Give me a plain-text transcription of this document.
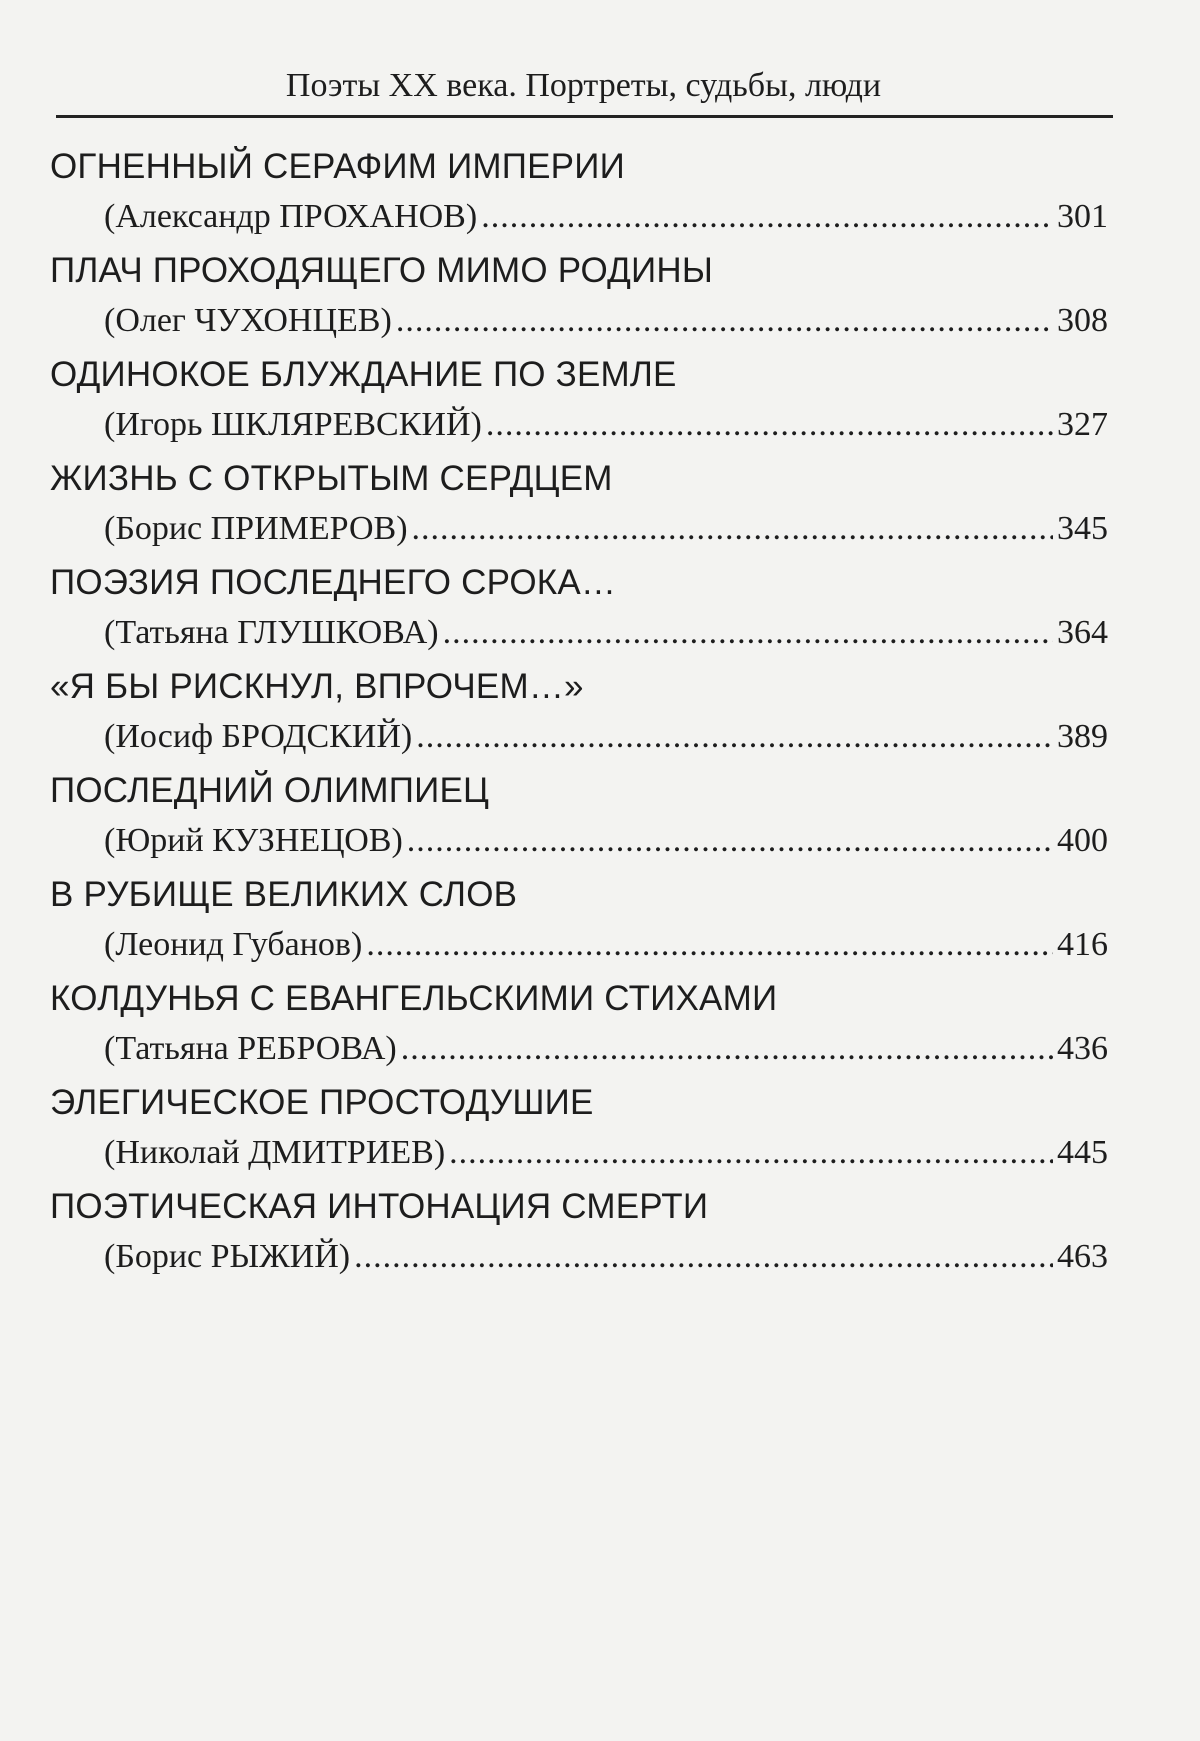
Поэты XX века. Портреты, судьбы, люди
ОГНЕННЫЙ СЕРАФИМ ИМПЕРИИ
(Александр ПРОХАНОВ) .....	301
ПЛАЧ ПРОХОДЯЩЕГО МИМО РОДИНЫ
(Олег ЧУХОНЦЕВ) .....	308
ОДИНОКОЕ БЛУЖДАНИЕ ПО ЗЕМЛЕ
(Игорь ШКЛЯРЕВСКИЙ) .....	327
ЖИЗНЬ С ОТКРЫТЫМ СЕРДЦЕМ
(Борис ПРИМЕРОВ) .....	345
ПОЭЗИЯ ПОСЛЕДНЕГО СРОКА…
(Татьяна ГЛУШКОВА) .....	364
«Я БЫ РИСКНУЛ, ВПРОЧЕМ…»
(Иосиф БРОДСКИЙ) .....	389
ПОСЛЕДНИЙ ОЛИМПИЕЦ
(Юрий КУЗНЕЦОВ) .....	400
В РУБИЩЕ ВЕЛИКИХ СЛОВ
(Леонид Губанов) .....	416
КОЛДУНЬЯ С ЕВАНГЕЛЬСКИМИ СТИХАМИ
(Татьяна РЕБРОВА) .....	436
ЭЛЕГИЧЕСКОЕ ПРОСТОДУШИЕ
(Николай ДМИТРИЕВ) .....	445
ПОЭТИЧЕСКАЯ ИНТОНАЦИЯ СМЕРТИ
(Борис РЫЖИЙ) .....	463
